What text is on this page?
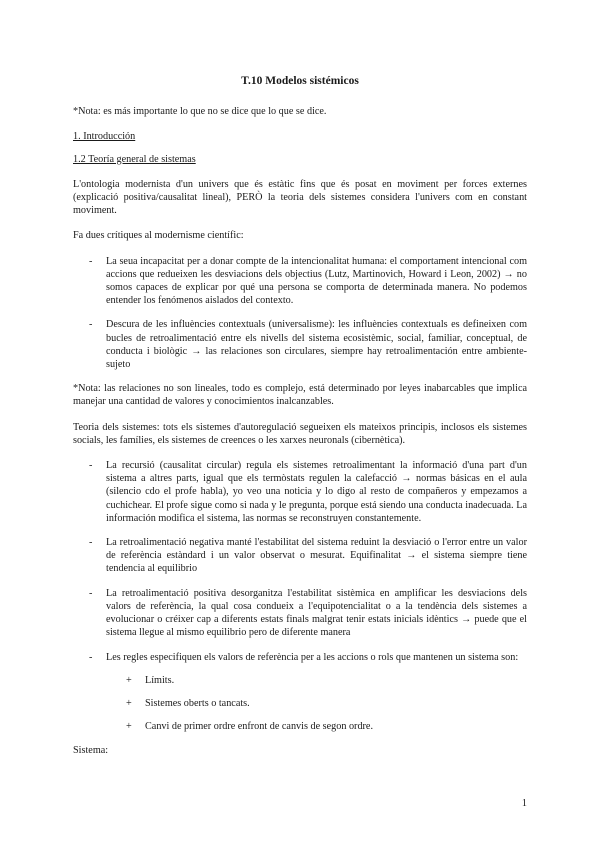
T.10 Modelos sistémicos

*Nota: es más importante lo que no se dice que lo que se dice.

1. Introducción

1.2 Teoría general de sistemas

L'ontologia modernista d'un univers que és estàtic fins que és posat en moviment per forces externes (explicació positiva/causalitat lineal), PERÒ la teoria dels sistemes considera l'univers com en constant moviment.

Fa dues crítiques al modernisme científic:

- La seua incapacitat per a donar compte de la intencionalitat humana: el comportament intencional com accions que redueixen les desviacions dels objectius (Lutz, Martinovich, Howard i Leon, 2002) → no somos capaces de explicar por qué una persona se comporta de determinada manera. No podemos entender los fenómenos aislados del contexto.
- Descura de les influències contextuals (universalisme): les influències contextuals es defineixen com bucles de retroalimentació entre els nivells del sistema ecosistèmic, social, familiar, conceptual, de conducta i biològic → las relaciones son circulares, siempre hay retroalimentación entre ambiente-sujeto

*Nota: las relaciones no son lineales, todo es complejo, está determinado por leyes inabarcables que implica manejar una cantidad de valores y conocimientos inalcanzables.

Teoria dels sistemes: tots els sistemes d'autoregulació segueixen els mateixos principis, inclosos els sistemes socials, les famílies, els sistemes de creences o les xarxes neuronals (cibernètica).

- La recursió (causalitat circular) regula els sistemes retroalimentant la informació d'una part d'un sistema a altres parts, igual que els termòstats regulen la calefacció → normas básicas en el aula (silencio cdo el profe habla), yo veo una noticia y lo digo al resto de compañeros y empezamos a cuchichear. El profe sigue como si nada y le pregunta, porque está siendo una conducta inadecuada. La información modifica el sistema, las normas se reconstruyen constantemente.
- La retroalimentació negativa manté l'estabilitat del sistema reduint la desviació o l'error entre un valor de referència estàndard i un valor observat o mesurat. Equifinalitat → el sistema siempre tiene tendencia al equilibrio
- La retroalimentació positiva desorganitza l'estabilitat sistèmica en amplificar les desviacions dels valors de referència, la qual cosa condueix a l'equipotencialitat o a la tendència dels sistemes a evolucionar o créixer cap a diferents estats finals malgrat tenir estats inicials idèntics → puede que el sistema llegue al mismo equilibrio pero de diferente manera
- Les regles especifiquen els valors de referència per a les accions o rols que mantenen un sistema son:
+ Límits.
+ Sistemes oberts o tancats.
+ Canvi de primer ordre enfront de canvis de segon ordre.

Sistema:

1
